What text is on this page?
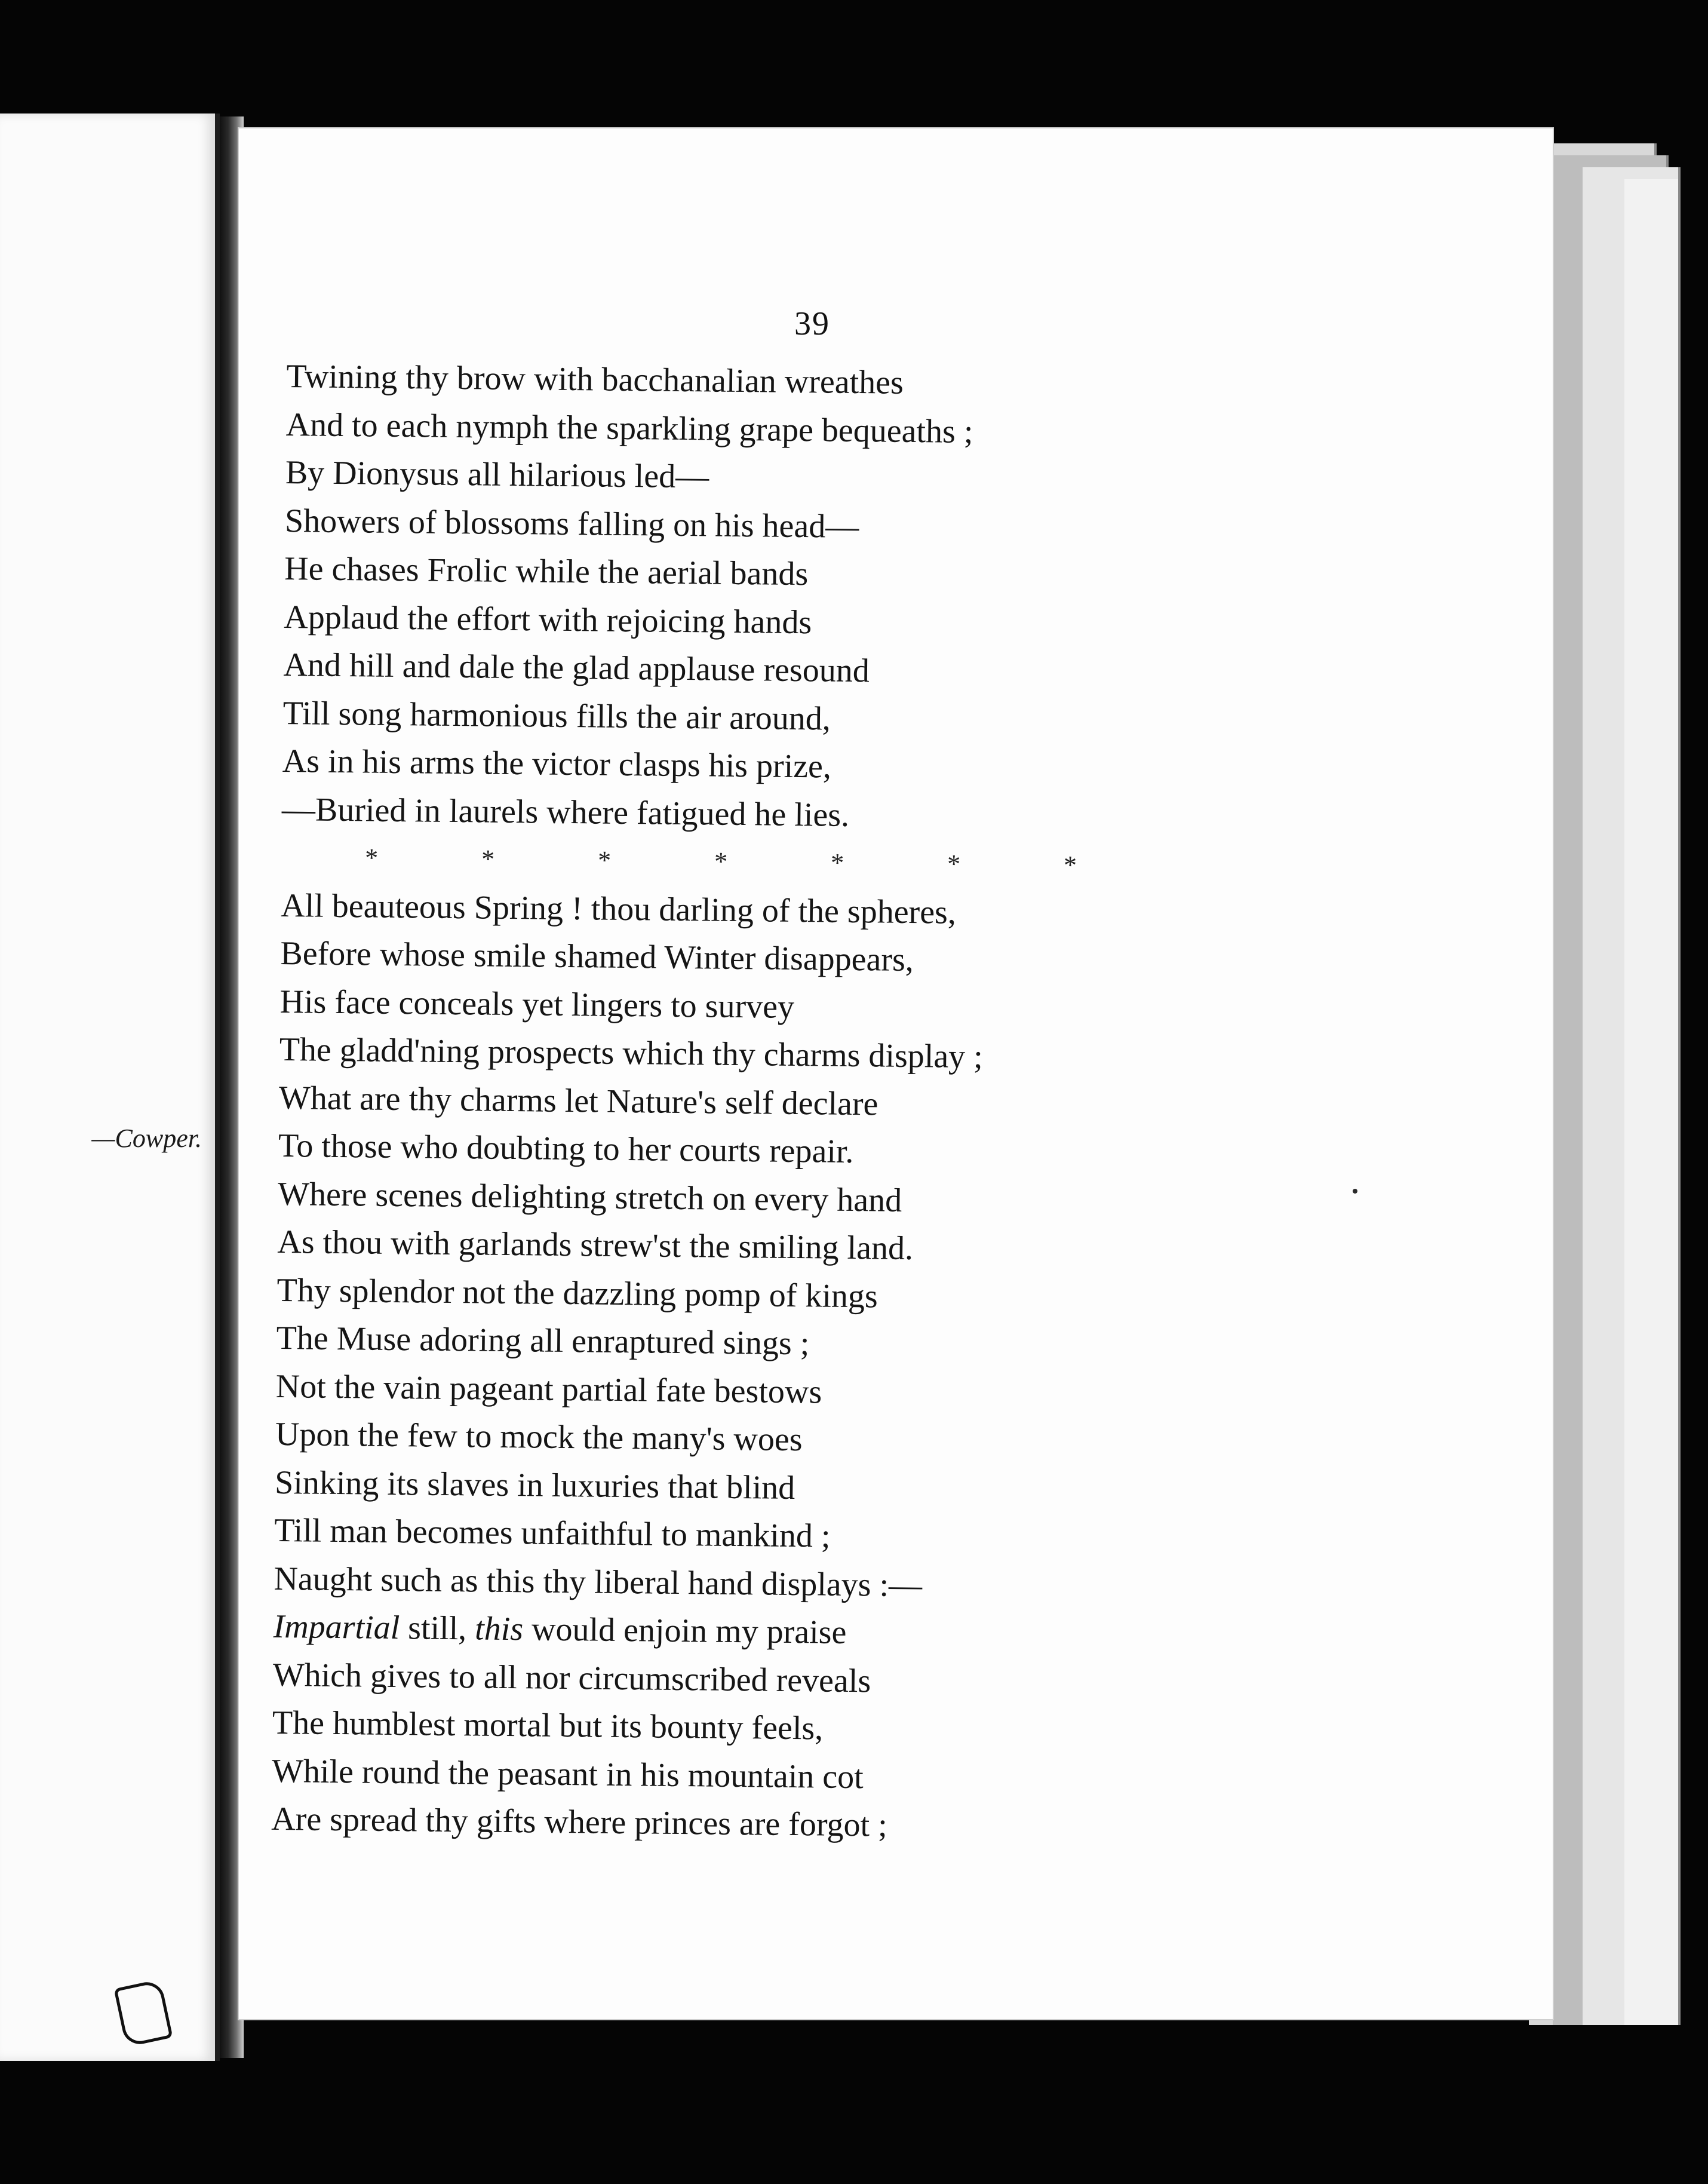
—Cowper.
39
Twining thy brow with bacchanalian wreathes
And to each nymph the sparkling grape bequeaths ;
By Dionysus all hilarious led—
Showers of blossoms falling on his head—
He chases Frolic while the aerial bands
Applaud the effort with rejoicing hands
And hill and dale the glad applause resound
Till song harmonious fills the air around,
As in his arms the victor clasps his prize,
—Buried in laurels where fatigued he lies.
*	*	*	*	*	*	*
All beauteous Spring ! thou darling of the spheres,
Before whose smile shamed Winter disappears,
His face conceals yet lingers to survey
The gladd'ning prospects which thy charms display ;
What are thy charms let Nature's self declare
To those who doubting to her courts repair.
Where scenes delighting stretch on every hand
As thou with garlands strew'st the smiling land.
Thy splendor not the dazzling pomp of kings
The Muse adoring all enraptured sings ;
Not the vain pageant partial fate bestows
Upon the few to mock the many's woes
Sinking its slaves in luxuries that blind
Till man becomes unfaithful to mankind ;
Naught such as this thy liberal hand displays :—
Impartial still, this would enjoin my praise
Which gives to all nor circumscribed reveals
The humblest mortal but its bounty feels,
While round the peasant in his mountain cot
Are spread thy gifts where princes are forgot ;
